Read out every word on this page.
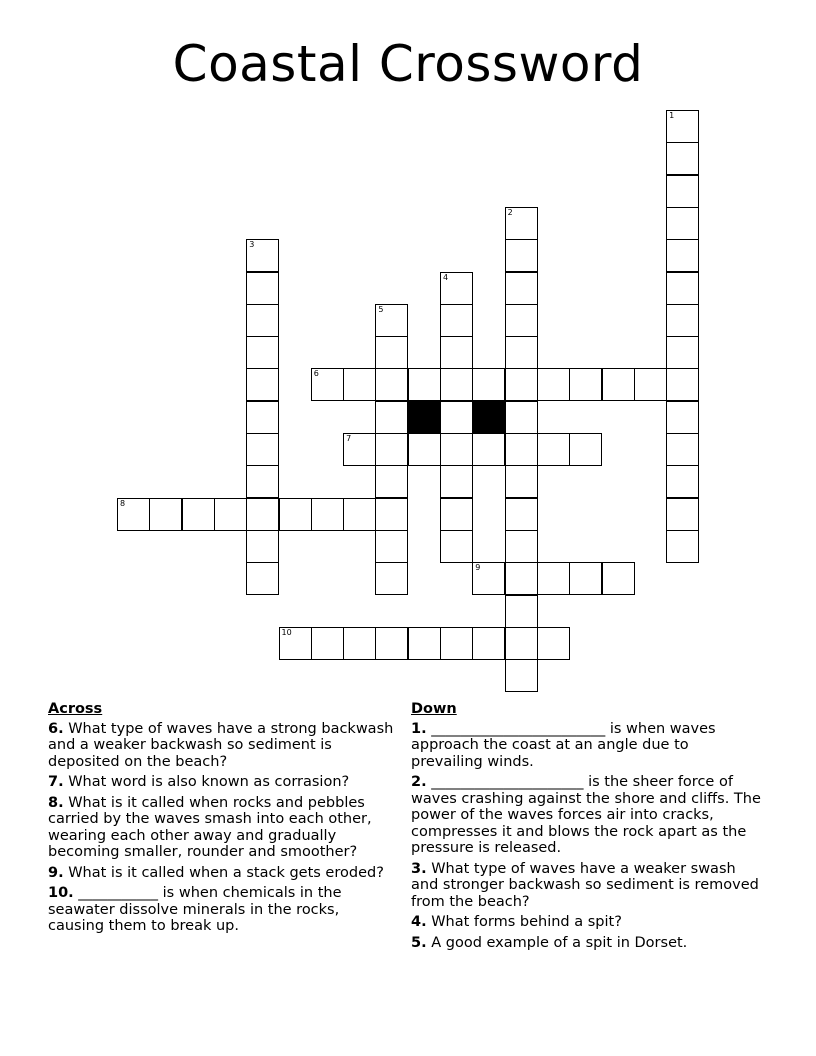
Coastal Crossword
1
2
3
4
5
6
7
8
9
10
Across
6. What type of waves have a strong backwash and a weaker backwash so sediment is deposited on the beach?
7. What word is also known as corrasion?
8. What is it called when rocks and pebbles carried by the waves smash into each other, wearing each other away and gradually becoming smaller, rounder and smoother?
9. What is it called when a stack gets eroded?
10. ___________ is when chemicals in the seawater dissolve minerals in the rocks, causing them to break up.
Down
1. ________________________ is when waves approach the coast at an angle due to prevailing winds.
2. _____________________ is the sheer force of waves crashing against the shore and cliffs. The power of the waves forces air into cracks, compresses it and blows the rock apart as the pressure is released.
3. What type of waves have a weaker swash and stronger backwash so sediment is removed from the beach?
4. What forms behind a spit?
5. A good example of a spit in Dorset.
